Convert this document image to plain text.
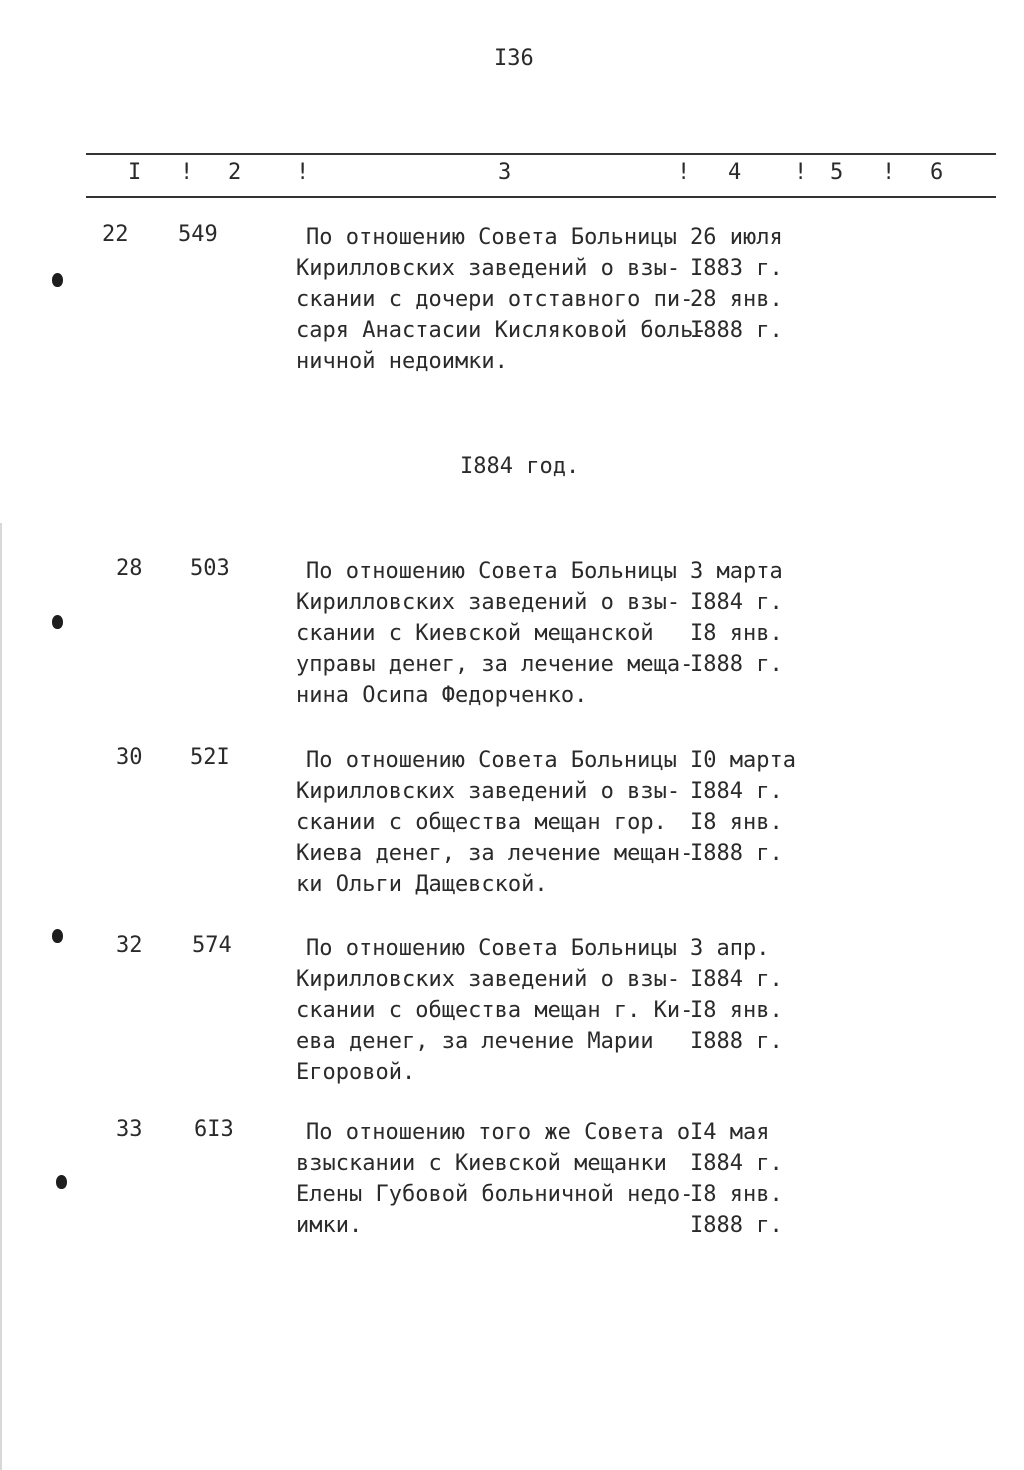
I36
I ! 2 !	3	! 4 ! 5 ! 6
22 549	По отношению Совета Больницы
Кирилловских заведений о взы-
скании с дочери отставного пи-
саря Анастасии Кисляковой боль-
ничной недоимки.
26 июля
I883 г.
28 янв.
I888 г.
I884 год.
28 503	По отношению Совета Больницы
Кирилловских заведений о взы-
скании с Киевской мещанской
управы денег, за лечение меща-
нина Осипа Федорченко.
3 марта
I884 г.
I8 янв.
I888 г.
30 52I	По отношению Совета Больницы
Кирилловских заведений о взы-
скании с общества мещан гор.
Киева денег, за лечение мещан-
ки Ольги Дащевской.
I0 марта
I884 г.
I8 янв.
I888 г.
32 574	По отношению Совета Больницы
Кирилловских заведений о взы-
скании с общества мещан г. Ки-
ева денег, за лечение Марии
Егоровой.
3 апр.
I884 г.
I8 янв.
I888 г.
33 6I3	По отношению того же Совета о
взыскании с Киевской мещанки
Елены Губовой больничной недо-
имки.
I4 мая
I884 г.
I8 янв.
I888 г.
